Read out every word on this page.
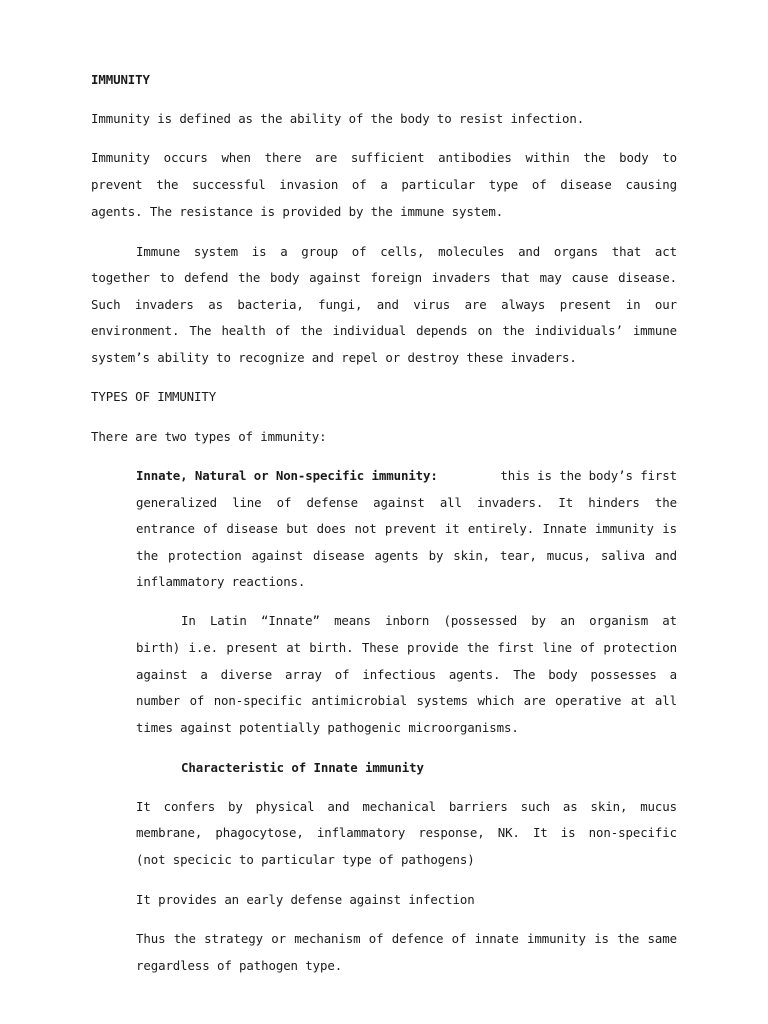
IMMUNITY
Immunity is defined as the ability of the body to resist infection.
Immunity occurs when there are sufficient antibodies within the body to
prevent the successful invasion of a particular type of disease causing
agents. The resistance is provided by the immune system.
Immune system is a group of cells, molecules and organs that act
together to defend the body against foreign invaders that may cause disease.
Such invaders as bacteria, fungi, and virus are always present in our
environment. The health of the individual depends on the individuals’ immune
system’s ability to recognize and repel or destroy these invaders.
TYPES OF IMMUNITY
There are two types of immunity:
Innate, Natural or Non-specific immunity:	this is the body’s first
generalized line of defense against all invaders. It hinders the
entrance of disease but does not prevent it entirely. Innate immunity is
the protection against disease agents by skin, tear, mucus, saliva and
inflammatory reactions.
In Latin “Innate” means inborn (possessed by an organism at
birth) i.e. present at birth. These provide the first line of protection
against a diverse array of infectious agents. The body possesses a
number of non-specific antimicrobial systems which are operative at all
times against potentially pathogenic microorganisms.
Characteristic of Innate immunity
It confers by physical and mechanical barriers such as skin, mucus
membrane, phagocytose, inflammatory response, NK. It is non-specific
(not specicic to particular type of pathogens)
It provides an early defense against infection
Thus the strategy or mechanism of defence of innate immunity is the same
regardless of pathogen type.
